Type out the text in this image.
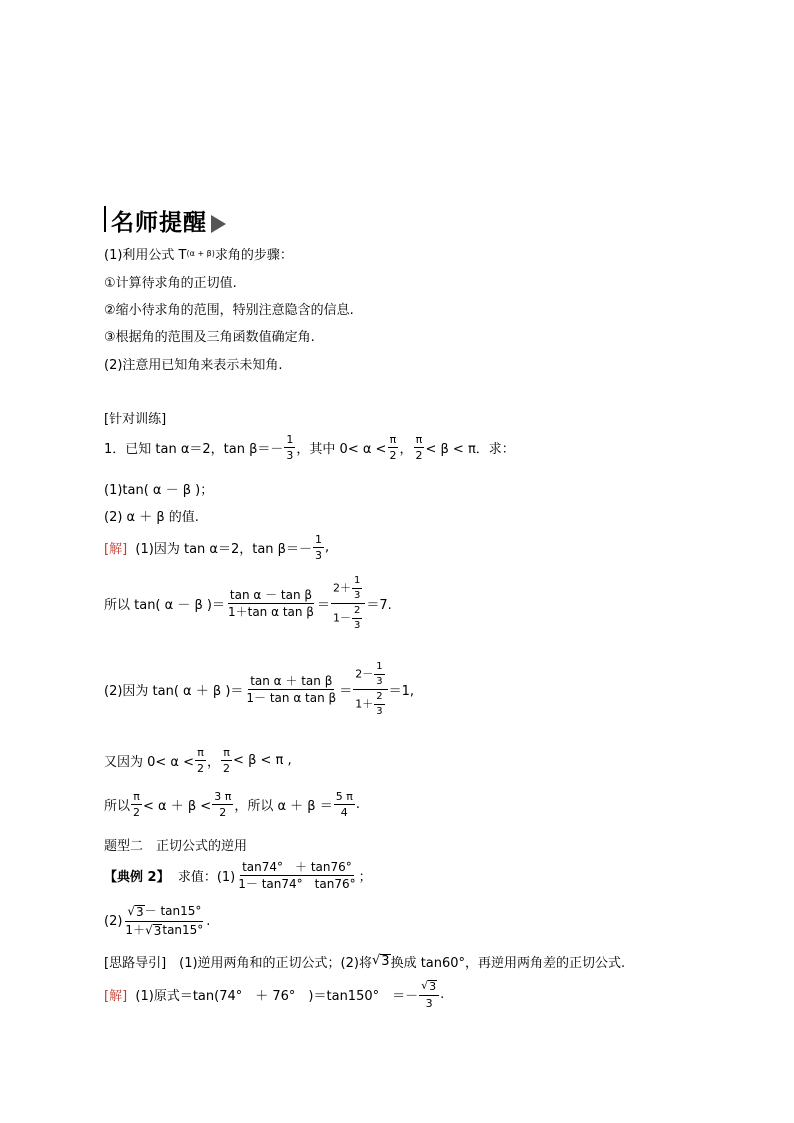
名师提醒
(1)利用公式 T (α + β) 求角的步骤：
①计算待求角的正切值.
②缩小待求角的范围，特别注意隐含的信息.
③根据角的范围及三角函数值确定角.
(2)注意用已知角来表示未知角.
[针对训练]
1．已知 tan α＝2，$\tan \beta=- \frac{1}{3}$ ，其中 $0< \alpha < \frac{\pi}{2}$ ， $\frac{\pi}{2} < \beta < \pi$．求：
(1)tan( α － β )；
(2) α ＋ β 的值.
[解]
(1)因为 tan α＝2，$\tan \beta=- \frac{1}{3}$ ,
所以 tan( α － β )＝ $\frac{\text{tan α － tan β}}{\text{1＋tan α tan β}} = \frac{2+ \frac{1}{3}}{1- \frac{2}{3}} =7$.
(2)因为 tan( α ＋ β )＝ $\frac{\text{tan α ＋ tan β}}{\text{1－ tan α tan β}} = \frac{2- \frac{1}{3}}{1+ \frac{2}{3}} =1$,
又因为 $0< \alpha < \frac{\pi}{2}$ ， $\frac{\pi}{2} < \beta < \pi$ ,
所以 $\frac{\pi}{2} < \alpha + \beta < \frac{3 \pi}{2}$ ，所以 $\alpha + \beta = \frac{5 \pi}{4}$ .
题型二　正切公式的逆用
【典例 2】
求值：$(1) \frac{\tan 74^\circ + \tan 76^\circ}{1- \tan 74^\circ \tan 76^\circ}$ ；
$(2) \frac{√ 3 - \tan 15^\circ}{1+ √ 3 \tan 15^\circ}$ .
[思路导引]　(1)逆用两角和的正切公式；(2)将 √ 3 换成 tan60°，再逆用两角差的正切公式.
[解]
(1)原式＝tan(74°　＋ 76°　)＝tan150°　＝－ $\frac{√ 3}{3}$ .
